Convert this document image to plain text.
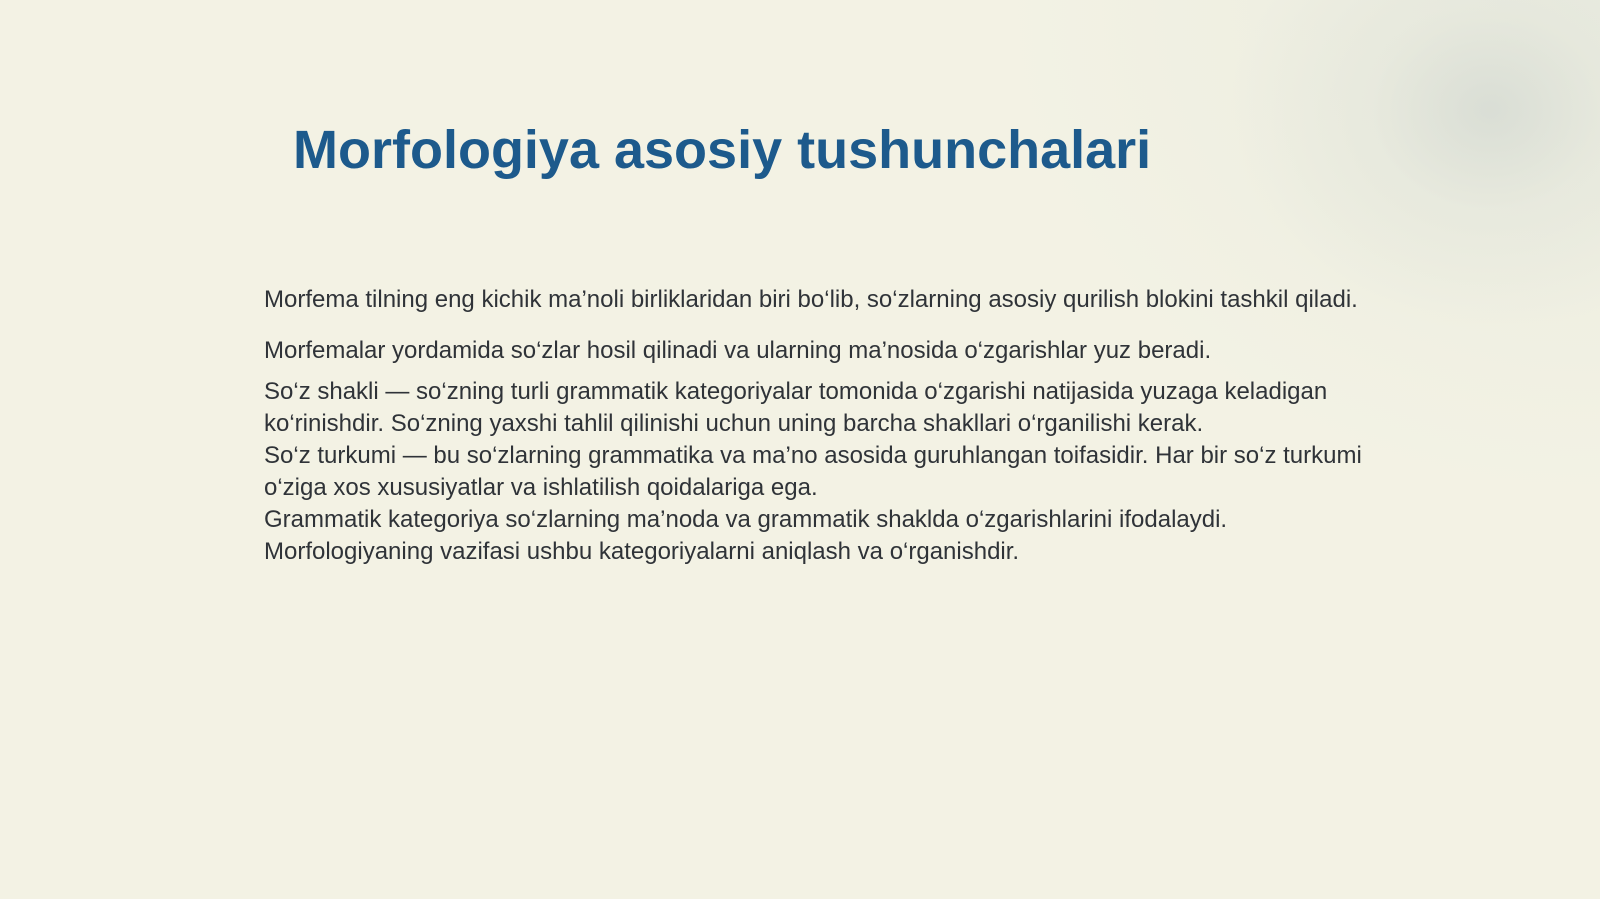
Morfologiya asosiy tushunchalari

Morfema tilning eng kichik ma’noli birliklaridan biri bo‘lib, so‘zlarning asosiy qurilish blokini tashkil qiladi. Morfemalar yordamida so‘zlar hosil qilinadi va ularning ma’nosida o‘zgarishlar yuz beradi.

So‘z shakli — so‘zning turli grammatik kategoriyalar tomonida o‘zgarishi natijasida yuzaga keladigan ko‘rinishdir. So‘zning yaxshi tahlil qilinishi uchun uning barcha shakllari o‘rganilishi kerak.

So‘z turkumi — bu so‘zlarning grammatika va ma’no asosida guruhlangan toifasidir. Har bir so‘z turkumi o‘ziga xos xususiyatlar va ishlatilish qoidalariga ega.

Grammatik kategoriya so‘zlarning ma’noda va grammatik shaklda o‘zgarishlarini ifodalaydi. Morfologiyaning vazifasi ushbu kategoriyalarni aniqlash va o‘rganishdir.
